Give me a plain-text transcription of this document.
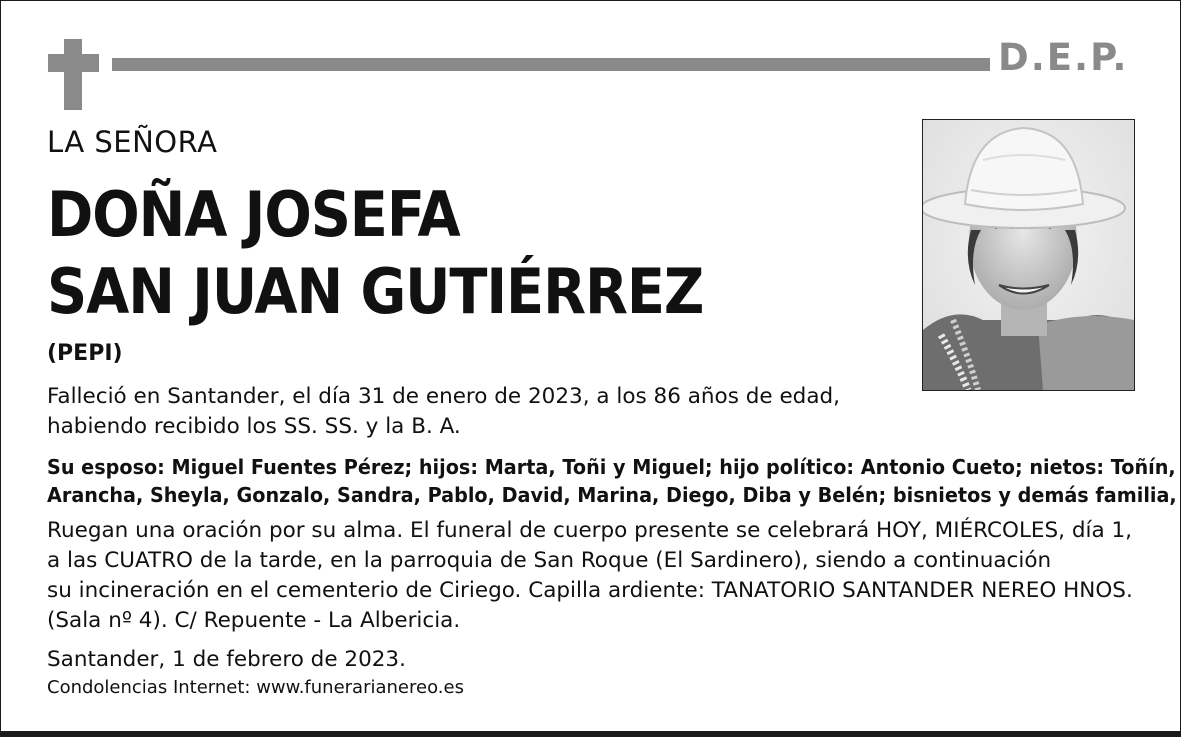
D.E.P.
LA SEÑORA
DOÑA JOSEFA
SAN JUAN GUTIÉRREZ
(PEPI)
Falleció en Santander, el día 31 de enero de 2023, a los 86 años de edad,
habiendo recibido los SS. SS. y la B. A.
Su esposo: Miguel Fuentes Pérez; hijos: Marta, Toñi y Miguel; hijo político: Antonio Cueto; nietos: Toñín,
Arancha, Sheyla, Gonzalo, Sandra, Pablo, David, Marina, Diego, Diba y Belén; bisnietos y demás familia,
Ruegan una oración por su alma. El funeral de cuerpo presente se celebrará HOY, MIÉRCOLES, día 1,
a las CUATRO de la tarde, en la parroquia de San Roque (El Sardinero), siendo a continuación
su incineración en el cementerio de Ciriego. Capilla ardiente: TANATORIO SANTANDER NEREO HNOS.
(Sala nº 4). C/ Repuente - La Albericia.
Santander, 1 de febrero de 2023.
Condolencias Internet: www.funerarianereo.es
